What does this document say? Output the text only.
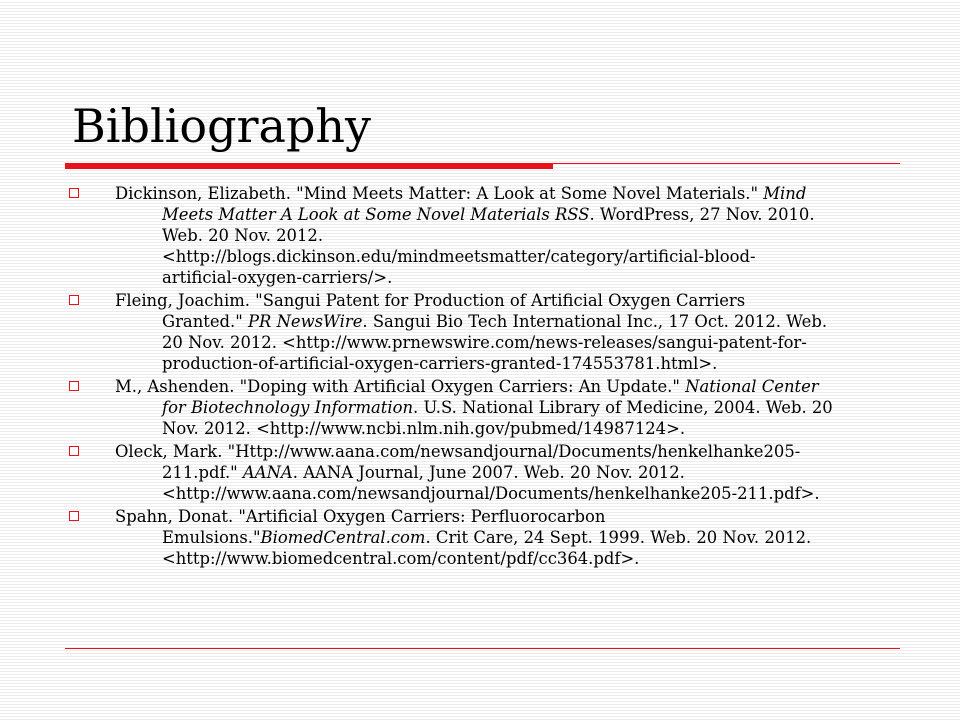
Bibliography
Dickinson, Elizabeth. "Mind Meets Matter: A Look at Some Novel Materials." Mind
Meets Matter A Look at Some Novel Materials RSS. WordPress, 27 Nov. 2010.
Web. 20 Nov. 2012.
<http://blogs.dickinson.edu/mindmeetsmatter/category/artificial-blood-
artificial-oxygen-carriers/>.
Fleing, Joachim. "Sangui Patent for Production of Artificial Oxygen Carriers
Granted." PR NewsWire. Sangui Bio Tech International Inc., 17 Oct. 2012. Web.
20 Nov. 2012. <http://www.prnewswire.com/news-releases/sangui-patent-for-
production-of-artificial-oxygen-carriers-granted-174553781.html>.
M., Ashenden. "Doping with Artificial Oxygen Carriers: An Update." National Center
for Biotechnology Information. U.S. National Library of Medicine, 2004. Web. 20
Nov. 2012. <http://www.ncbi.nlm.nih.gov/pubmed/14987124>.
Oleck, Mark. "Http://www.aana.com/newsandjournal/Documents/henkelhanke205-
211.pdf." AANA. AANA Journal, June 2007. Web. 20 Nov. 2012.
<http://www.aana.com/newsandjournal/Documents/henkelhanke205-211.pdf>.
Spahn, Donat. "Artificial Oxygen Carriers: Perfluorocarbon
Emulsions."BiomedCentral.com. Crit Care, 24 Sept. 1999. Web. 20 Nov. 2012.
<http://www.biomedcentral.com/content/pdf/cc364.pdf>.
